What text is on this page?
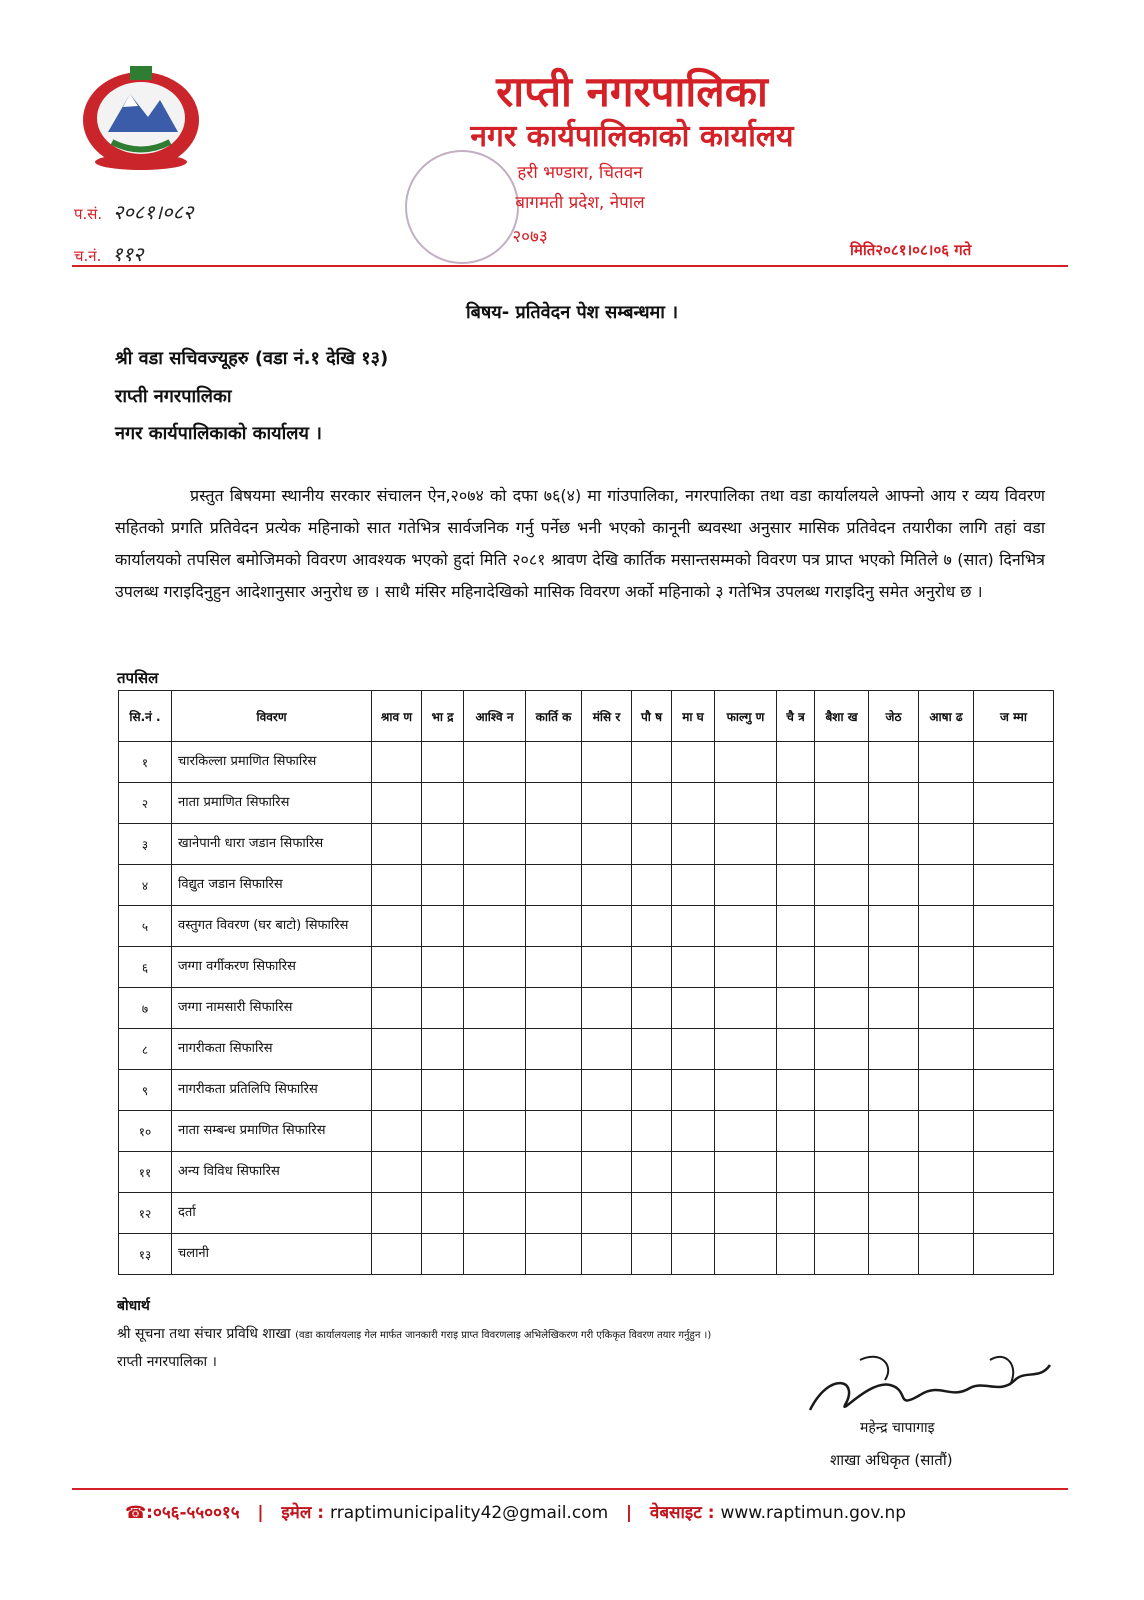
राप्ती नगरपालिका
नगर कार्यपालिकाको कार्यालय
हरी भण्डारा, चितवन
बागमती प्रदेश, नेपाल
२०७३
प.सं. २०८१।०८२
च.नं. ११२	मिति२०८१।०८।०६ गते
बिषय- प्रतिवेदन पेश सम्बन्धमा ।
श्री वडा सचिवज्यूहरु (वडा नं.१ देखि १३)
राप्ती नगरपालिका
नगर कार्यपालिकाको कार्यालय ।
प्रस्तुत बिषयमा स्थानीय सरकार संचालन ऐन,२०७४ को दफा ७६(४) मा गांउपालिका, नगरपालिका तथा वडा कार्यालयले आफ्नो आय र व्यय विवरण सहितको प्रगति प्रतिवेदन प्रत्येक महिनाको सात गतेभित्र सार्वजनिक गर्नु पर्नेछ भनी भएको कानूनी ब्यवस्था अनुसार मासिक प्रतिवेदन तयारीका लागि तहां वडा कार्यालयको तपसिल बमोजिमको विवरण आवश्यक भएको हुदां मिति २०८१ श्रावण देखि कार्तिक मसान्तसम्मको विवरण पत्र प्राप्त भएको मितिले ७ (सात) दिनभित्र उपलब्ध गराइदिनुहुन आदेशानुसार अनुरोध छ । साथै मंसिर महिनादेखिको मासिक विवरण अर्को महिनाको ३ गतेभित्र उपलब्ध गराइदिनु समेत अनुरोध छ ।
तपसिल
सि.नं .	विवरण	श्राव ण	भा द्र	आश्वि न	कार्ति क	मंसि र	पौ ष	मा घ	फाल्गु ण	चै त्र	बैशा ख	जेठ	आषा ढ	ज म्मा
१	चारकिल्ला प्रमाणित सिफारिस													
२	नाता प्रमाणित सिफारिस													
३	खानेपानी धारा जडान सिफारिस													
४	विद्युत जडान सिफारिस													
५	वस्तुगत विवरण (घर बाटो) सिफारिस													
६	जग्गा वर्गीकरण सिफारिस													
७	जग्गा नामसारी सिफारिस													
८	नागरीकता सिफारिस													
९	नागरीकता प्रतिलिपि सिफारिस													
१०	नाता सम्बन्ध प्रमाणित सिफारिस													
११	अन्य विविध सिफारिस													
१२	दर्ता													
१३	चलानी													
बोधार्थ
श्री सूचना तथा संचार प्रविधि शाखा (वडा कार्यालयलाइ गेल मार्फत जानकारी गराइ प्राप्त विवरणलाइ अभिलेखिकरण गरी एकिकृत विवरण तयार गर्नुहुन ।)
राप्ती नगरपालिका ।
महेन्द्र चापागाइ
शाखा अधिकृत (सातौं)
☎:०५६-५५००१५   |   इमेल : rraptimunicipality42@gmail.com   |   वेबसाइट : www.raptimun.gov.np
